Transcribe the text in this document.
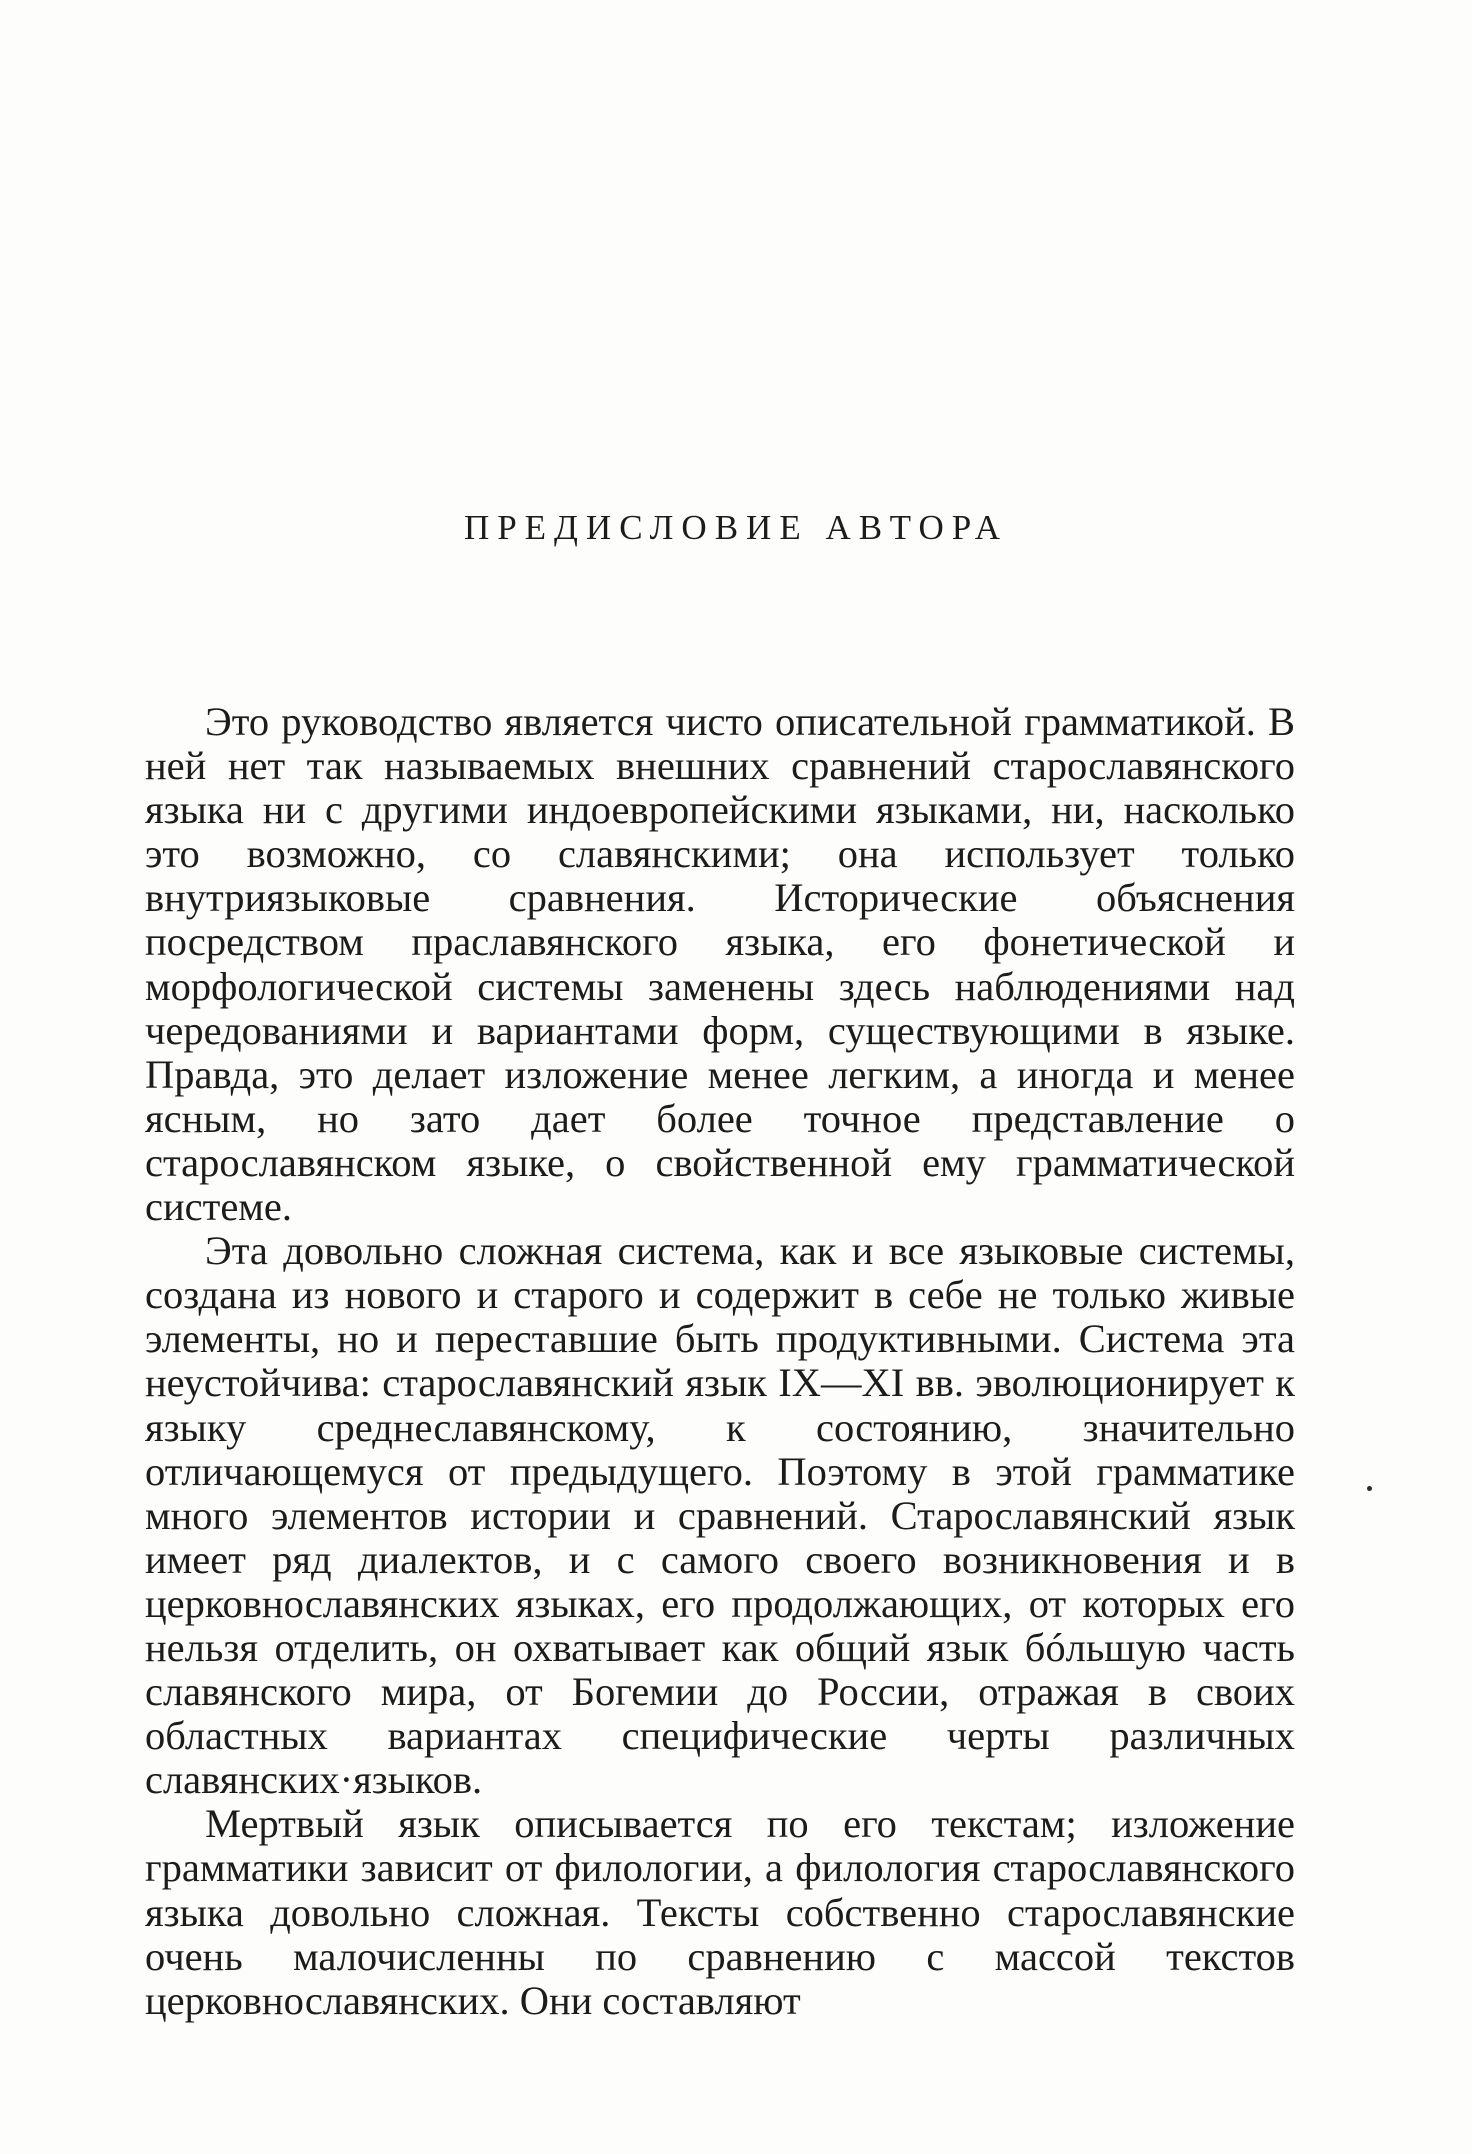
ПРЕДИСЛОВИЕ АВТОРА

Это руководство является чисто описательной грамматикой. В ней нет так называемых внешних сравнений старославянского языка ни с другими индоевропейскими языками, ни, насколько это возможно, со славянскими; она использует только внутриязыковые сравнения. Исторические объяснения посредством праславянского языка, его фонетической и морфологической системы заменены здесь наблюдениями над чередованиями и вариантами форм, существующими в языке. Правда, это делает изложение менее легким, а иногда и менее ясным, но зато дает более точное представление о старославянском языке, о свойственной ему грамматической системе.

Эта довольно сложная система, как и все языковые системы, создана из нового и старого и содержит в себе не только живые элементы, но и переставшие быть продуктивными. Система эта неустойчива: старославянский язык IX—XI вв. эволюционирует к языку среднеславянскому, к состоянию, значительно отличающемуся от предыдущего. Поэтому в этой грамматике много элементов истории и сравнений. Старославянский язык имеет ряд диалектов, и с самого своего возникновения и в церковнославянских языках, его продолжающих, от которых его нельзя отделить, он охватывает как общий язык бóльшую часть славянского мира, от Богемии до России, отражая в своих областных вариантах специфические черты различных славянских·языков.

Мертвый язык описывается по его текстам; изложение грамматики зависит от филологии, а филология старославянского языка довольно сложная. Тексты собственно старославянские очень малочисленны по сравнению с массой текстов церковнославянских. Они составляют
